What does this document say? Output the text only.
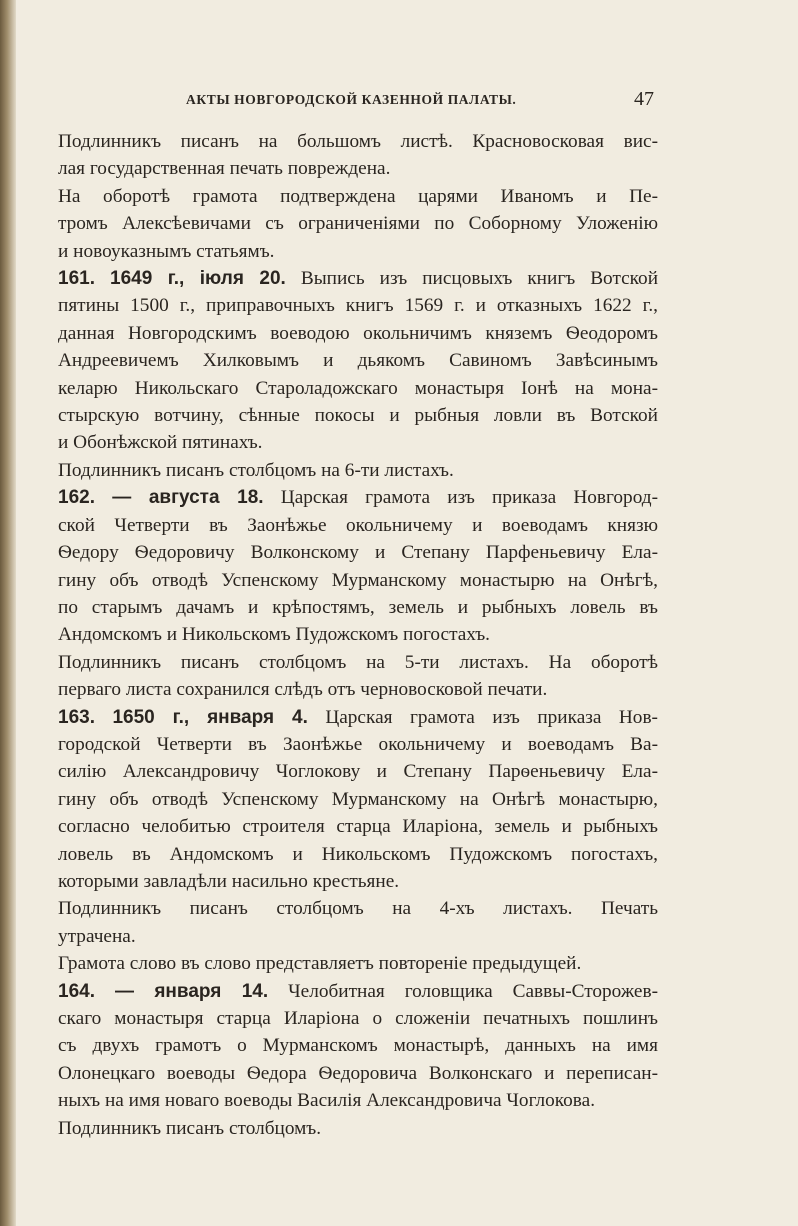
АКТЫ НОВГОРОДСКОЙ КАЗЕННОЙ ПАЛАТЫ.	47
Подлинникъ писанъ на большомъ листѣ. Красновосковая вис-
лая государственная печать повреждена.
На оборотѣ грамота подтверждена царями Иваномъ и Пе-
тромъ Алексѣевичами съ ограниченіями по Соборному Уложенію
и новоуказнымъ статьямъ.
161. 1649 г., іюля 20. Выпись изъ писцовыхъ книгъ Вотской
пятины 1500 г., приправочныхъ книгъ 1569 г. и отказныхъ 1622 г.,
данная Новгородскимъ воеводою окольничимъ княземъ Ѳеодоромъ
Андреевичемъ Хилковымъ и дьякомъ Савиномъ Завѣсинымъ
келарю Никольскаго Староладожскаго монастыря Іонѣ на мона-
стырскую вотчину, сѣнные покосы и рыбныя ловли въ Вотской
и Обонѣжской пятинахъ.
Подлинникъ писанъ столбцомъ на 6-ти листахъ.
162. — августа 18. Царская грамота изъ приказа Новгород-
ской Четверти въ Заонѣжье окольничему и воеводамъ князю
Ѳедору Ѳедоровичу Волконскому и Степану Парфеньевичу Ела-
гину объ отводѣ Успенскому Мурманскому монастырю на Онѣгѣ,
по старымъ дачамъ и крѣпостямъ, земель и рыбныхъ ловель въ
Андомскомъ и Никольскомъ Пудожскомъ погостахъ.
Подлинникъ писанъ столбцомъ на 5-ти листахъ. На оборотѣ
перваго листа сохранился слѣдъ отъ черновосковой печати.
163. 1650 г., января 4. Царская грамота изъ приказа Нов-
городской Четверти въ Заонѣжье окольничему и воеводамъ Ва-
силію Александровичу Чоглокову и Степану Парѳеньевичу Ела-
гину объ отводѣ Успенскому Мурманскому на Онѣгѣ монастырю,
согласно челобитью строителя старца Иларіона, земель и рыбныхъ
ловель въ Андомскомъ и Никольскомъ Пудожскомъ погостахъ,
которыми завладѣли насильно крестьяне.
Подлинникъ писанъ столбцомъ на 4-хъ листахъ. Печать
утрачена.
Грамота слово въ слово представляетъ повтореніе предыдущей.
164. — января 14. Челобитная головщика Саввы-Сторожев-
скаго монастыря старца Иларіона о сложеніи печатныхъ пошлинъ
съ двухъ грамотъ о Мурманскомъ монастырѣ, данныхъ на имя
Олонецкаго воеводы Ѳедора Ѳедоровича Волконскаго и переписан-
ныхъ на имя новаго воеводы Василія Александровича Чоглокова.
Подлинникъ писанъ столбцомъ.
